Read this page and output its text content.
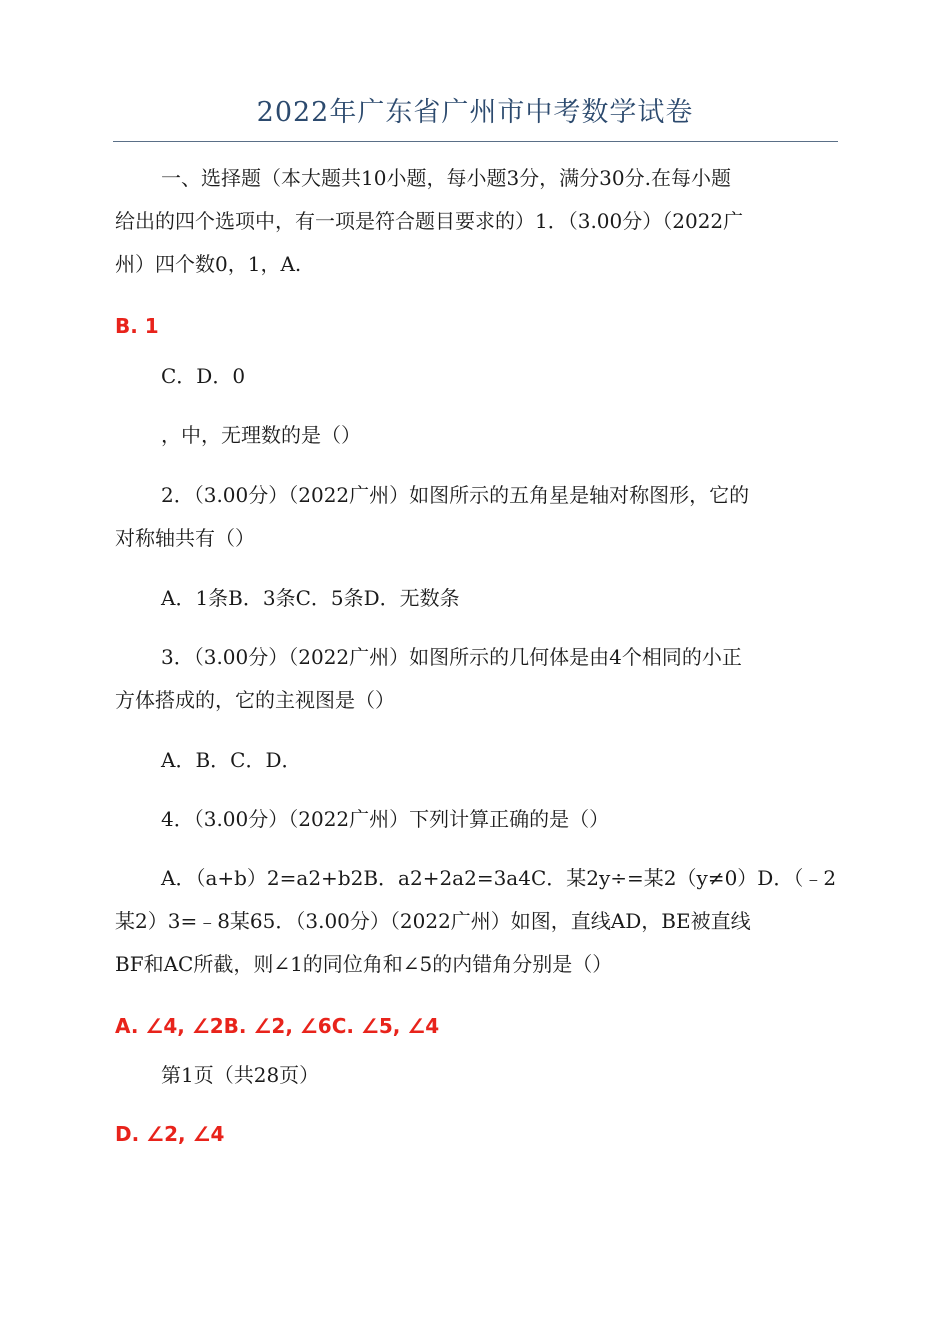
2022年广东省广州市中考数学试卷
一、选择题（本大题共10小题，每小题3分，满分30分.在每小题
给出的四个选项中，有一项是符合题目要求的）1．（3.00分）（2022广
州）四个数0，1，A.
B. 1
C．D．0
，中，无理数的是（）
2．（3.00分）（2022广州）如图所示的五角星是轴对称图形，它的
对称轴共有（）
A．1条B．3条C．5条D．无数条
3．（3.00分）（2022广州）如图所示的几何体是由4个相同的小正
方体搭成的，它的主视图是（）
A．B．C．D．
4．（3.00分）（2022广州）下列计算正确的是（）
A．（a+b）2=a2+b2B．a2+2a2=3a4C．某2y÷=某2（y≠0）D．（﹣2
某2）3=﹣8某65．（3.00分）（2022广州）如图，直线AD，BE被直线
BF和AC所截，则∠1的同位角和∠5的内错角分别是（）
A. ∠4, ∠2B. ∠2, ∠6C. ∠5, ∠4
第1页（共28页）
D. ∠2, ∠4
